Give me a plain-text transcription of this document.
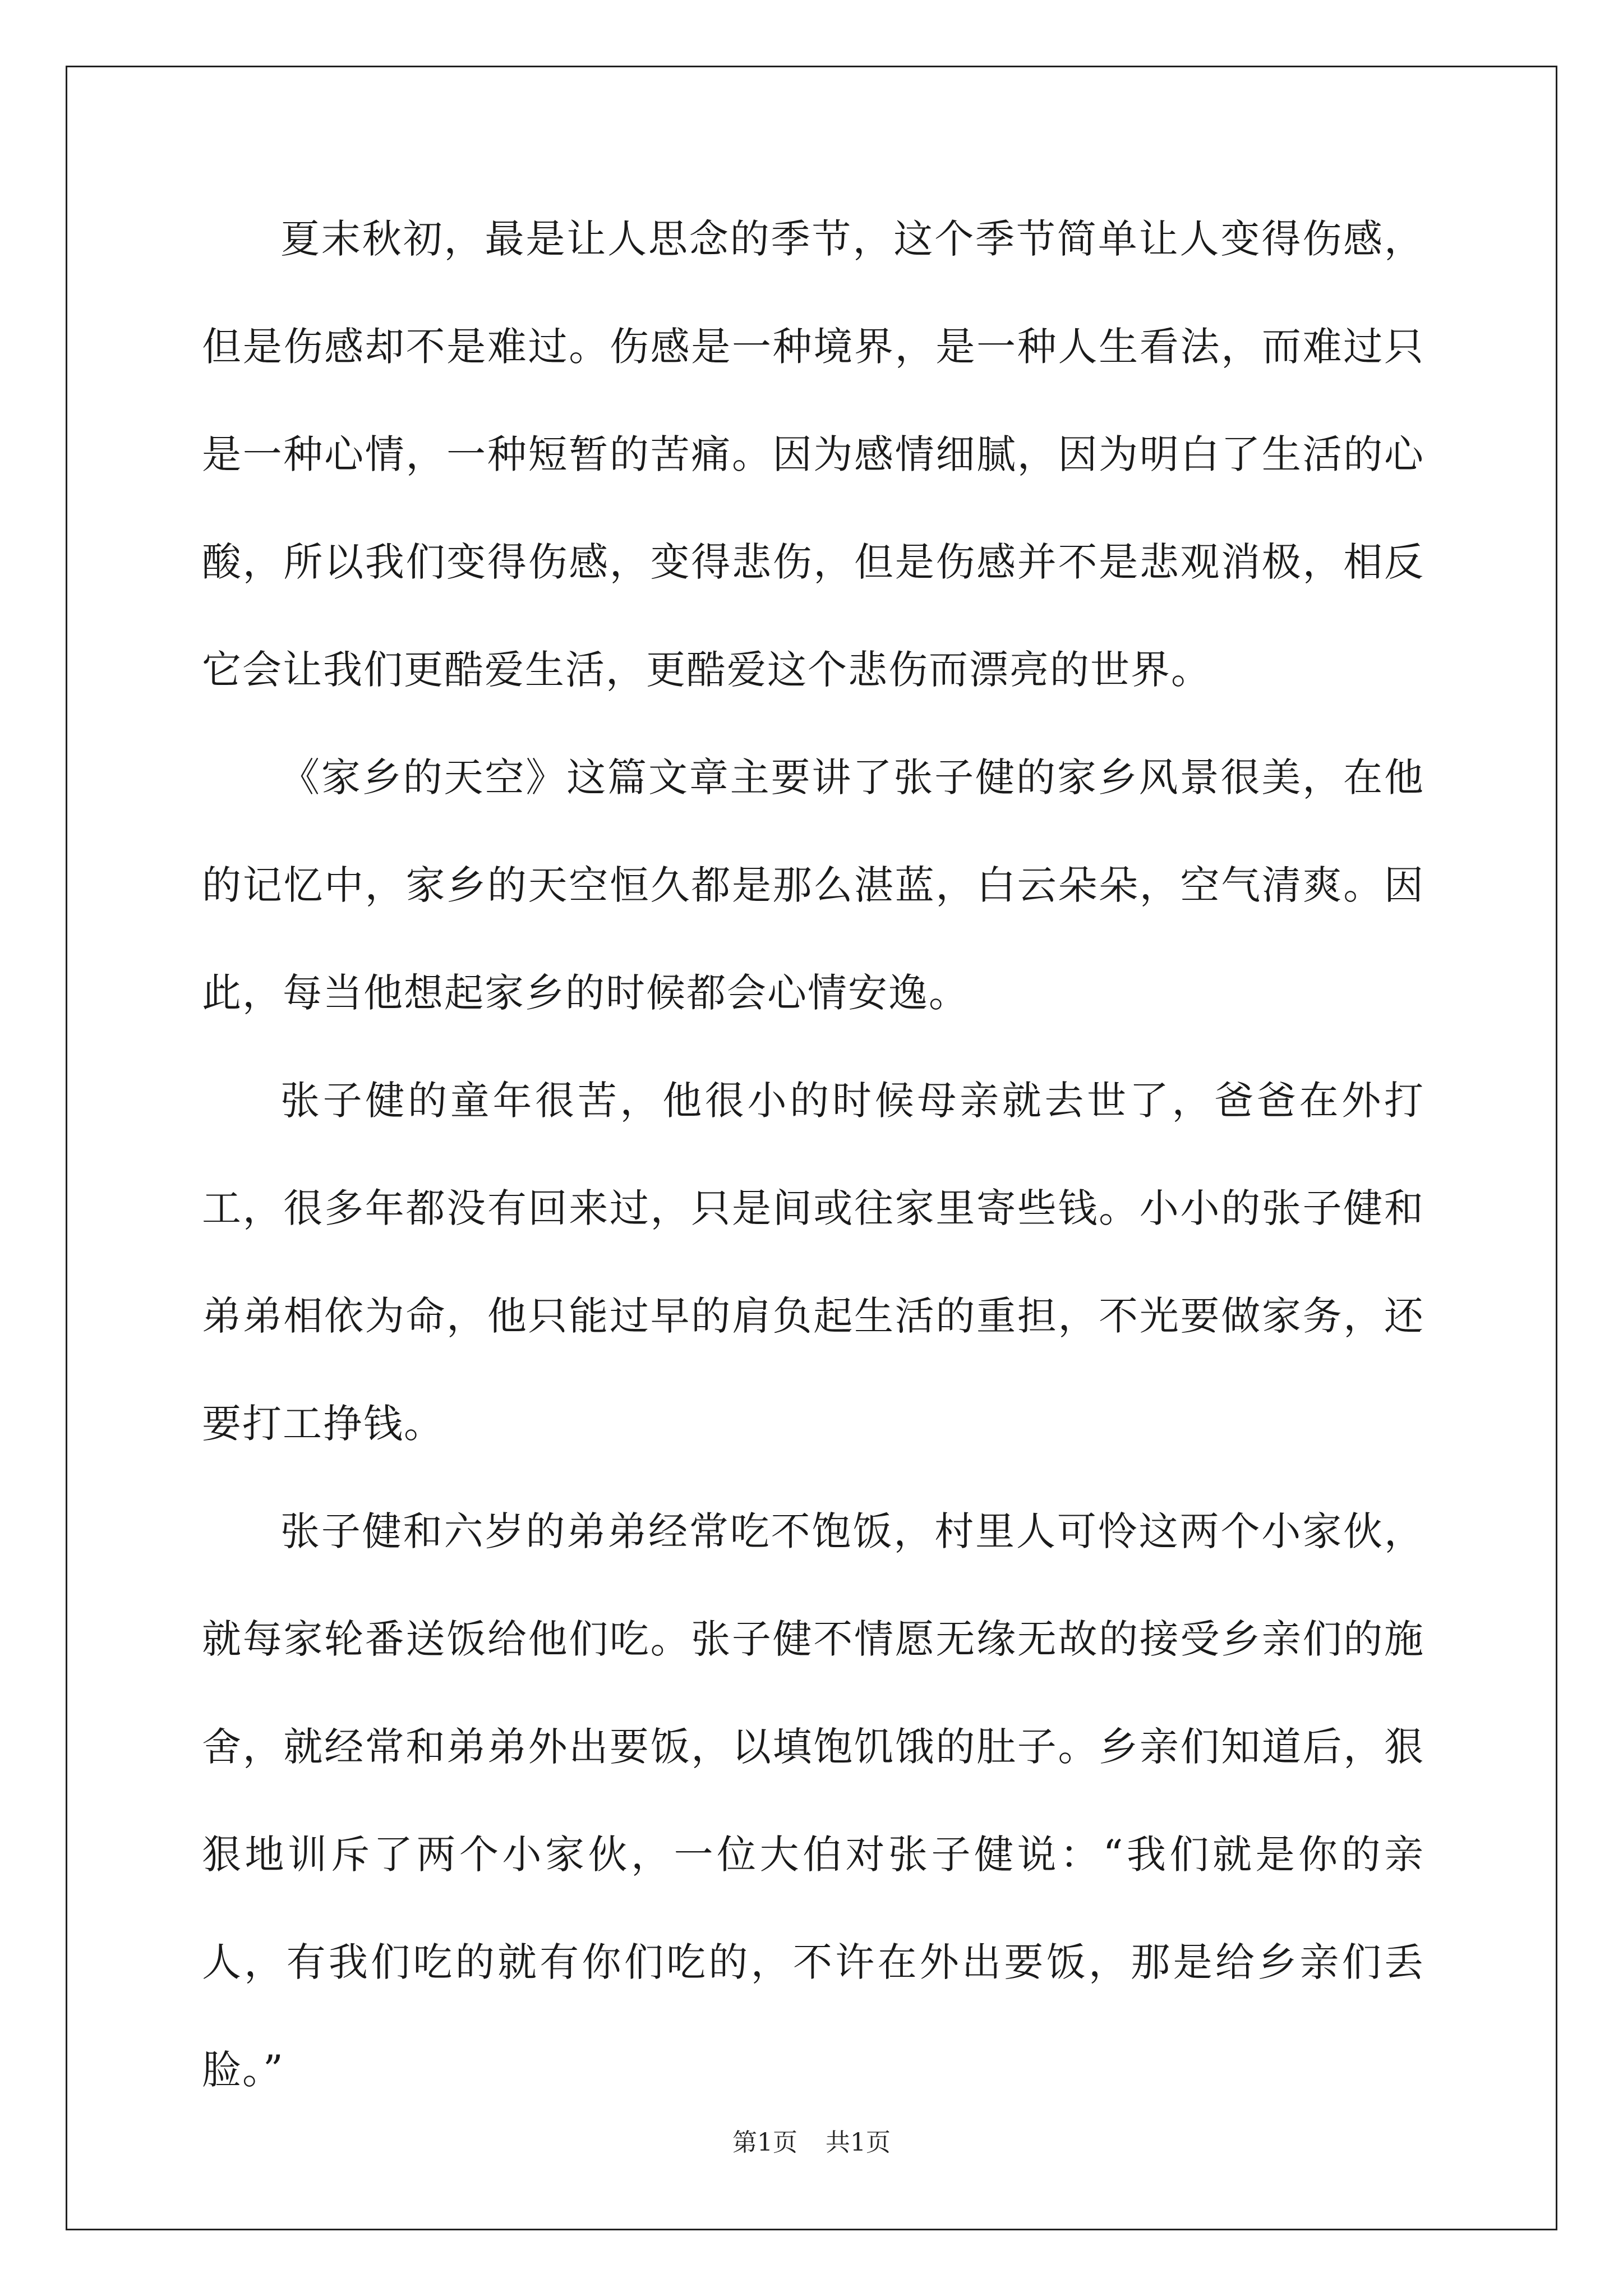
夏末秋初，最是让人思念的季节，这个季节简单让人变得伤感，但是伤感却不是难过。伤感是一种境界，是一种人生看法，而难过只是一种心情，一种短暂的苦痛。因为感情细腻，因为明白了生活的心酸，所以我们变得伤感，变得悲伤，但是伤感并不是悲观消极，相反它会让我们更酷爱生活，更酷爱这个悲伤而漂亮的世界。

《家乡的天空》这篇文章主要讲了张子健的家乡风景很美，在他的记忆中，家乡的天空恒久都是那么湛蓝，白云朵朵，空气清爽。因此，每当他想起家乡的时候都会心情安逸。

张子健的童年很苦，他很小的时候母亲就去世了，爸爸在外打工，很多年都没有回来过，只是间或往家里寄些钱。小小的张子健和弟弟相依为命，他只能过早的肩负起生活的重担，不光要做家务，还要打工挣钱。

张子健和六岁的弟弟经常吃不饱饭，村里人可怜这两个小家伙，就每家轮番送饭给他们吃。张子健不情愿无缘无故的接受乡亲们的施舍，就经常和弟弟外出要饭，以填饱饥饿的肚子。乡亲们知道后，狠狠地训斥了两个小家伙，一位大伯对张子健说：“我们就是你的亲人，有我们吃的就有你们吃的，不许在外出要饭，那是给乡亲们丢脸。”

第1页 共1页
